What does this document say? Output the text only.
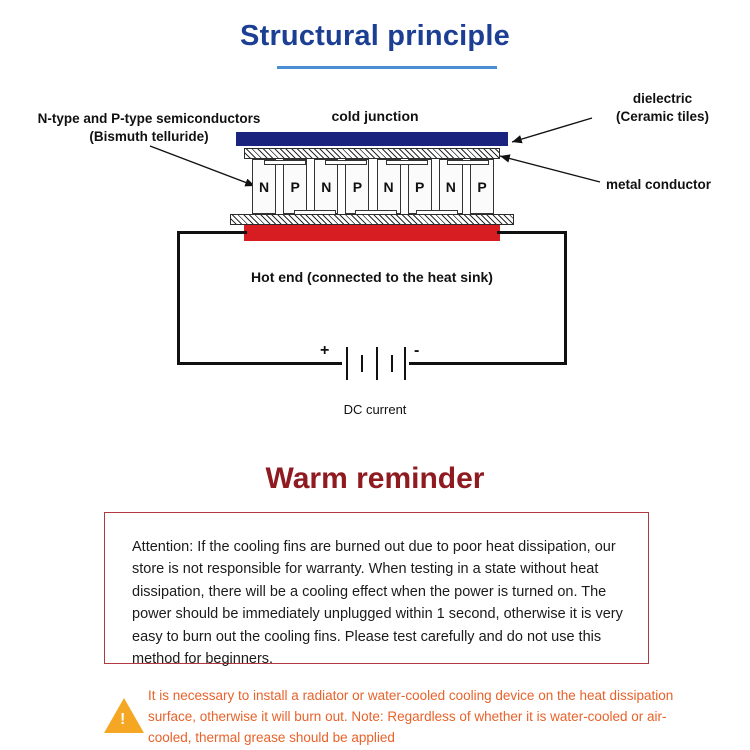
Structural principle
N-type and P-type semiconductors
(Bismuth telluride)
dielectric
(Ceramic tiles)
metal conductor
cold junction
N	P	N	P	N	P	N	P
Hot end (connected to the heat sink)
+	-
DC current
Warm reminder
Attention: If the cooling fins are burned out due to poor heat dissipation, our store is not responsible for warranty. When testing in a state without heat dissipation, there will be a cooling effect when the power is turned on. The power should be immediately unplugged within 1 second, otherwise it is very easy to burn out the cooling fins. Please test carefully and do not use this method for beginners.
!
It is necessary to install a radiator or water-cooled cooling device on the heat dissipation surface, otherwise it will burn out. Note: Regardless of whether it is water-cooled or air-cooled, thermal grease should be applied
